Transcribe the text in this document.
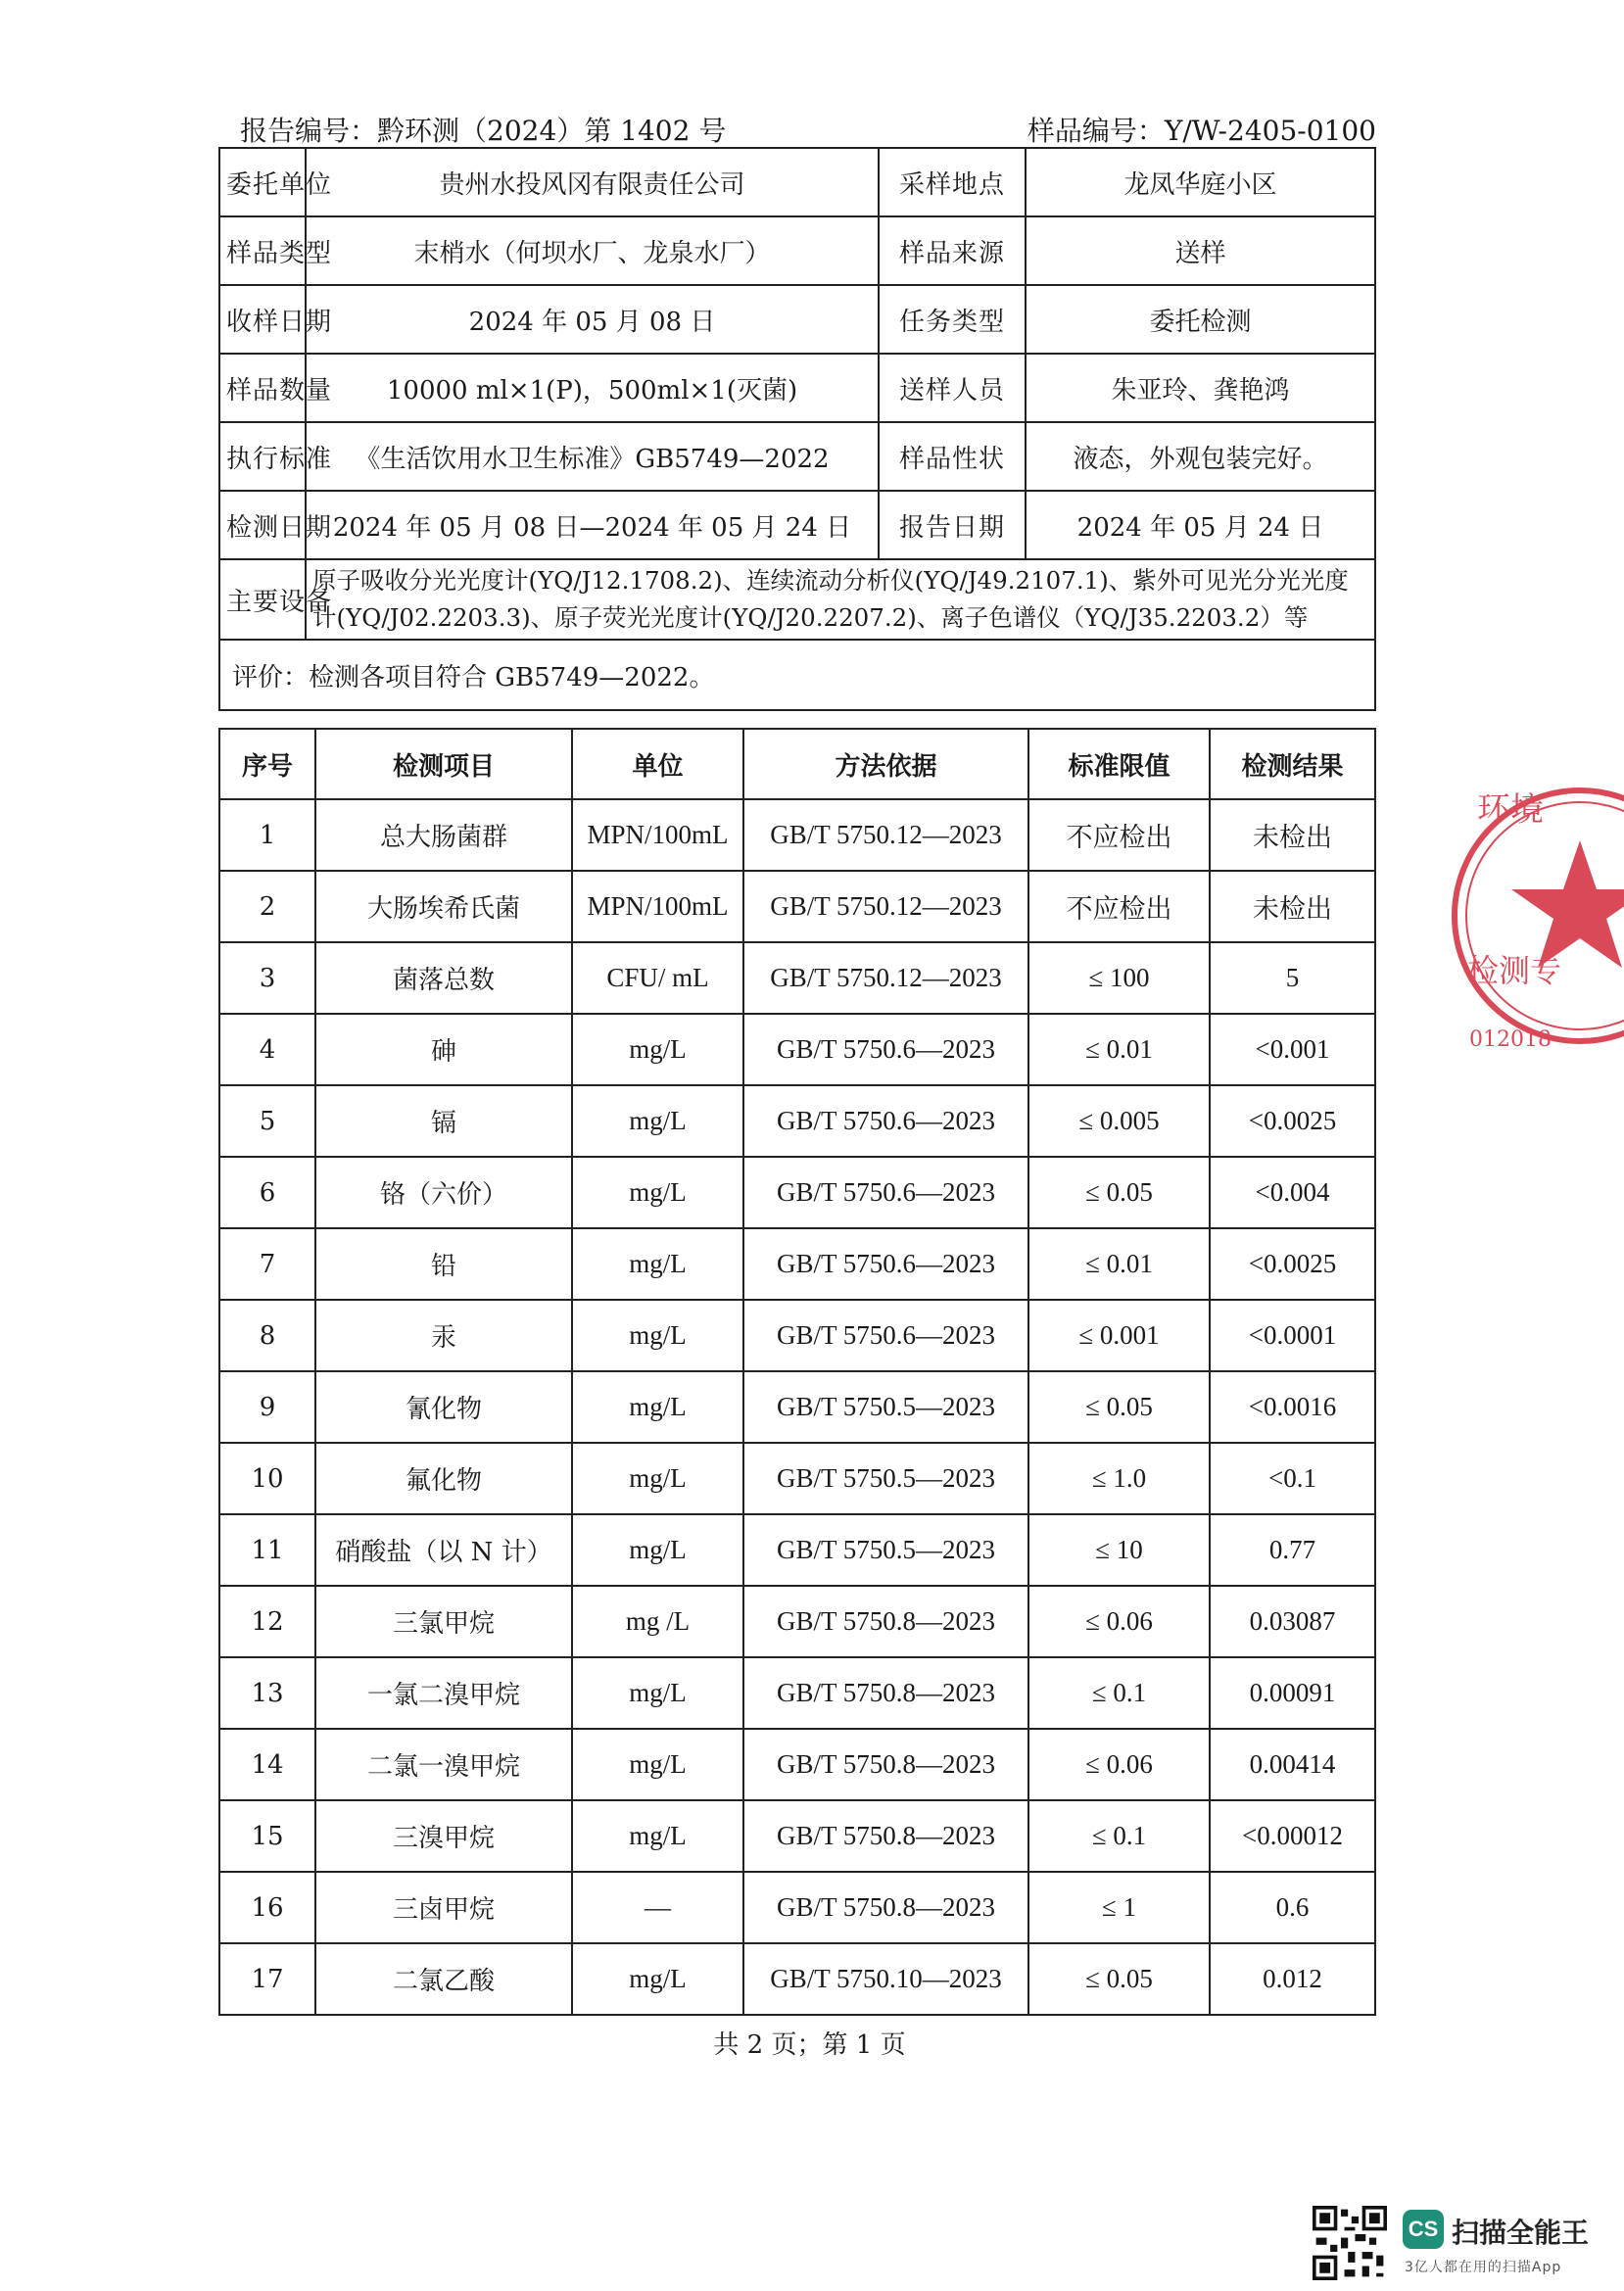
报告编号：黔环测（2024）第 1402 号	样品编号：Y/W-2405-0100
委托单位	贵州水投风冈有限责任公司	采样地点	龙凤华庭小区
样品类型	末梢水（何坝水厂、龙泉水厂）	样品来源	送样
收样日期	2024 年 05 月 08 日	任务类型	委托检测
样品数量	10000 ml×1(P)，500ml×1(灭菌)	送样人员	朱亚玲、龚艳鸿
执行标准	《生活饮用水卫生标准》GB5749—2022	样品性状	液态，外观包装完好。
检测日期	2024 年 05 月 08 日—2024 年 05 月 24 日	报告日期	2024 年 05 月 24 日
主要设备	原子吸收分光光度计(YQ/J12.1708.2)、连续流动分析仪(YQ/J49.2107.1)、紫外可见光分光光度计(YQ/J02.2203.3)、原子荧光光度计(YQ/J20.2207.2)、离子色谱仪（YQ/J35.2203.2）等		
评价：检测各项目符合 GB5749—2022。			
序号	检测项目	单位	方法依据	标准限值	检测结果
1	总大肠菌群	MPN/100mL	GB/T 5750.12—2023	不应检出	未检出
2	大肠埃希氏菌	MPN/100mL	GB/T 5750.12—2023	不应检出	未检出
3	菌落总数	CFU/ mL	GB/T 5750.12—2023	≤ 100	5
4	砷	mg/L	GB/T 5750.6—2023	≤ 0.01	<0.001
5	镉	mg/L	GB/T 5750.6—2023	≤ 0.005	<0.0025
6	铬（六价）	mg/L	GB/T 5750.6—2023	≤ 0.05	<0.004
7	铅	mg/L	GB/T 5750.6—2023	≤ 0.01	<0.0025
8	汞	mg/L	GB/T 5750.6—2023	≤ 0.001	<0.0001
9	氰化物	mg/L	GB/T 5750.5—2023	≤ 0.05	<0.0016
10	氟化物	mg/L	GB/T 5750.5—2023	≤ 1.0	<0.1
11	硝酸盐（以 N 计）	mg/L	GB/T 5750.5—2023	≤ 10	0.77
12	三氯甲烷	mg /L	GB/T 5750.8—2023	≤ 0.06	0.03087
13	一氯二溴甲烷	mg/L	GB/T 5750.8—2023	≤ 0.1	0.00091
14	二氯一溴甲烷	mg/L	GB/T 5750.8—2023	≤ 0.06	0.00414
15	三溴甲烷	mg/L	GB/T 5750.8—2023	≤ 0.1	<0.00012
16	三卤甲烷	—	GB/T 5750.8—2023	≤ 1	0.6
17	二氯乙酸	mg/L	GB/T 5750.10—2023	≤ 0.05	0.012
共 2 页；第 1 页
环境
检测专
012018
CS 扫描全能王
3亿人都在用的扫描App
